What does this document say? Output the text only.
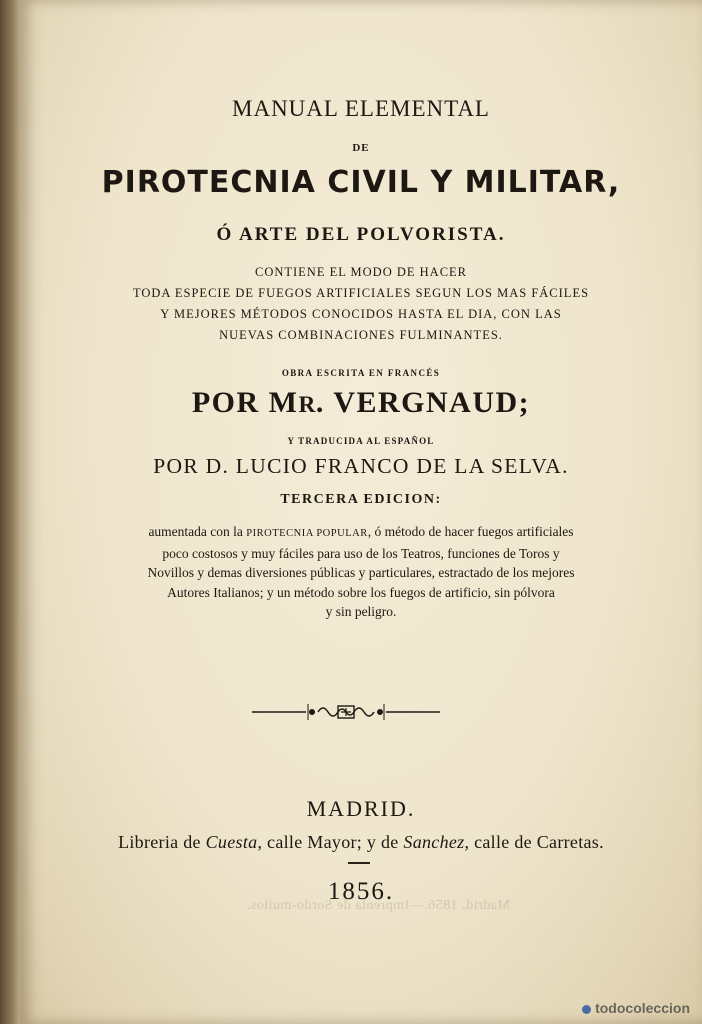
MANUAL ELEMENTAL
DE
PIROTECNIA CIVIL Y MILITAR,
Ó ARTE DEL POLVORISTA.
CONTIENE EL MODO DE HACER
TODA ESPECIE DE FUEGOS ARTIFICIALES SEGUN LOS MAS FÁCILES
Y MEJORES MÉTODOS CONOCIDOS HASTA EL DIA, CON LAS
NUEVAS COMBINACIONES FULMINANTES.
OBRA ESCRITA EN FRANCÉS
POR MR. VERGNAUD;
Y TRADUCIDA AL ESPAÑOL
POR D. LUCIO FRANCO DE LA SELVA.
TERCERA EDICION:
aumentada con la PIROTECNIA POPULAR, ó método de hacer fuegos artificiales
poco costosos y muy fáciles para uso de los Teatros, funciones de Toros y
Novillos y demas diversiones públicas y particulares, estractado de los mejores
Autores Italianos; y un método sobre los fuegos de artificio, sin pólvora
y sin peligro.
MADRID.
Libreria de Cuesta, calle Mayor; y de Sanchez, calle de Carretas.
1856.
Madrid, 1856.—Imprenta de Sordo-muilos.
todocoleccion
